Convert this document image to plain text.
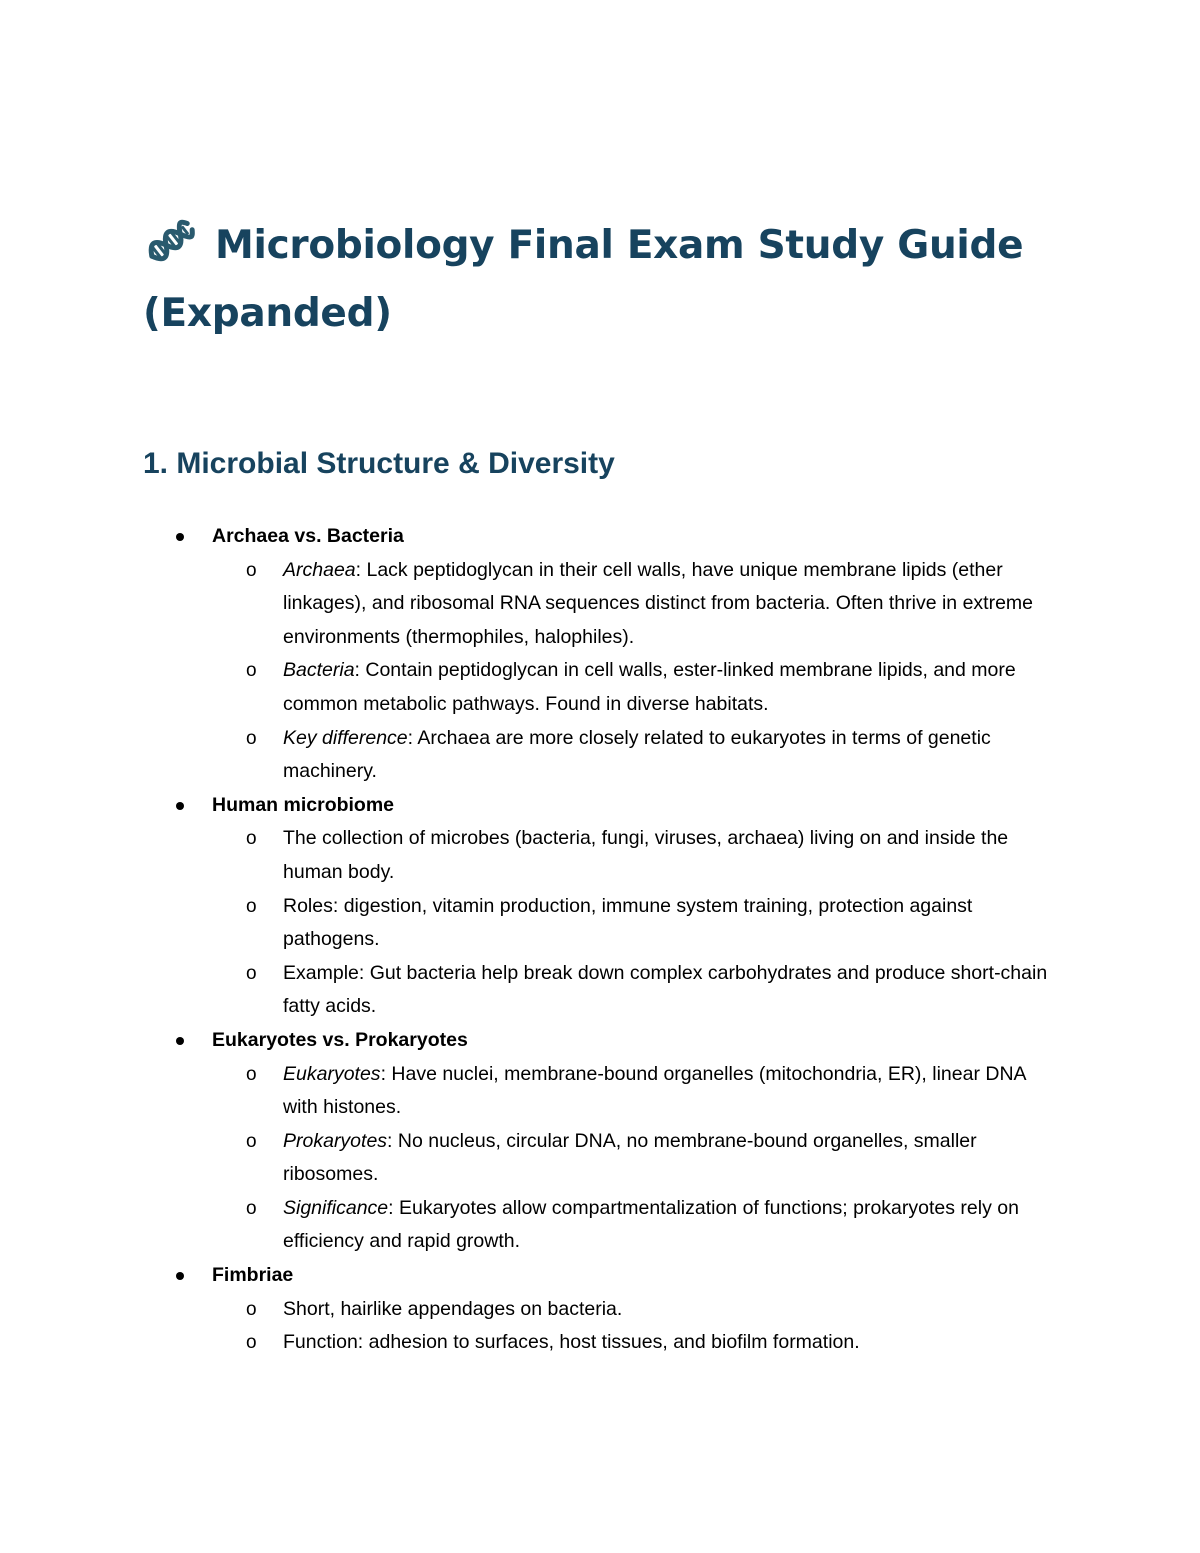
Microbiology Final Exam Study Guide
(Expanded)
1. Microbial Structure & Diversity
Archaea vs. Bacteria
o Archaea: Lack peptidoglycan in their cell walls, have unique membrane lipids (ether linkages), and ribosomal RNA sequences distinct from bacteria. Often thrive in extreme environments (thermophiles, halophiles).
o Bacteria: Contain peptidoglycan in cell walls, ester-linked membrane lipids, and more common metabolic pathways. Found in diverse habitats.
o Key difference: Archaea are more closely related to eukaryotes in terms of genetic machinery.
Human microbiome
o The collection of microbes (bacteria, fungi, viruses, archaea) living on and inside the human body.
o Roles: digestion, vitamin production, immune system training, protection against pathogens.
o Example: Gut bacteria help break down complex carbohydrates and produce short-chain fatty acids.
Eukaryotes vs. Prokaryotes
o Eukaryotes: Have nuclei, membrane-bound organelles (mitochondria, ER), linear DNA with histones.
o Prokaryotes: No nucleus, circular DNA, no membrane-bound organelles, smaller ribosomes.
o Significance: Eukaryotes allow compartmentalization of functions; prokaryotes rely on efficiency and rapid growth.
Fimbriae
o Short, hairlike appendages on bacteria.
o Function: adhesion to surfaces, host tissues, and biofilm formation.
